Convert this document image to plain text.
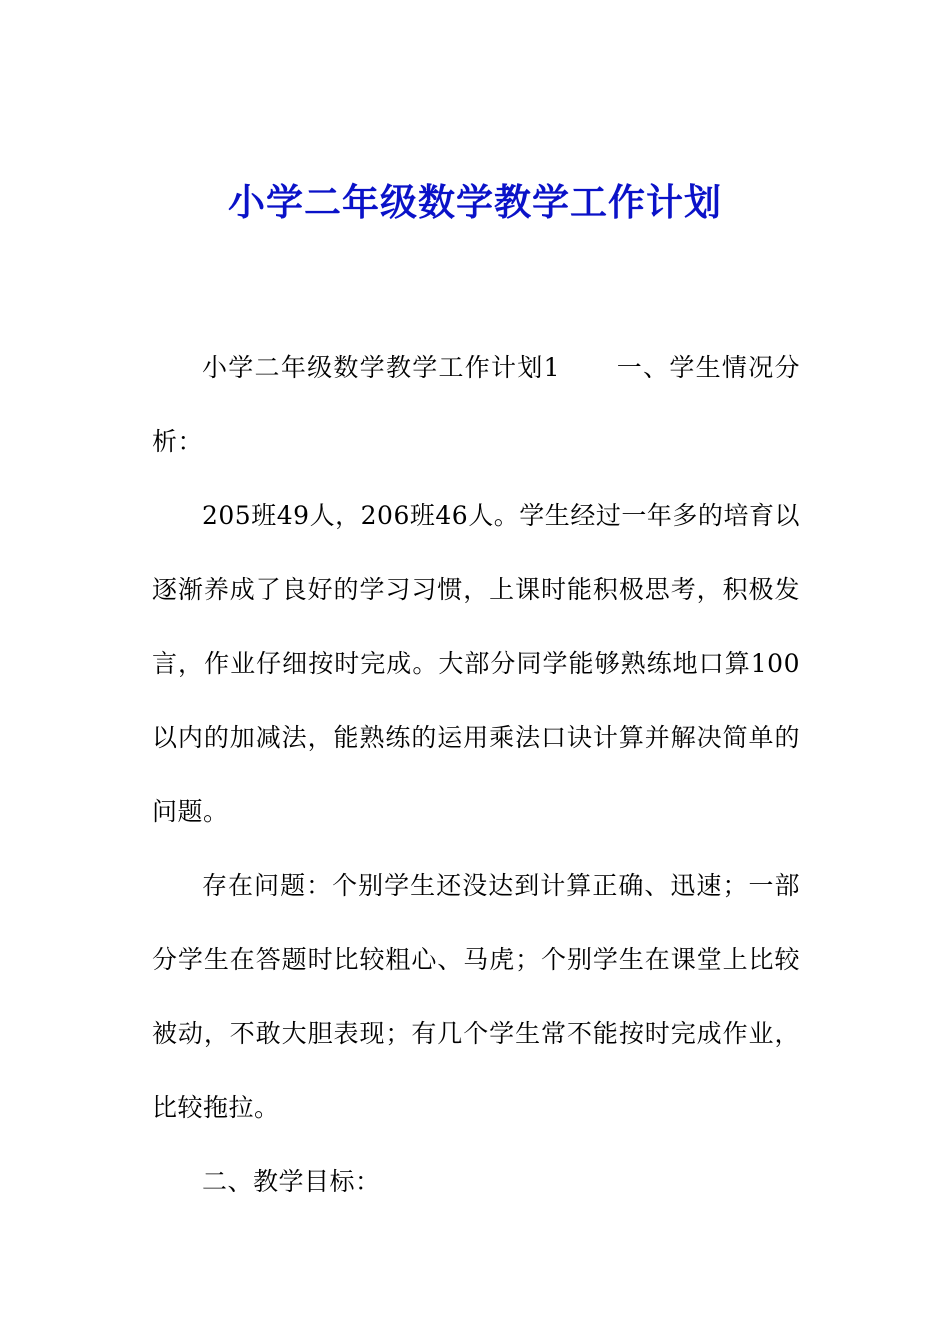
小学二年级数学教学工作计划

小学二年级数学教学工作计划1 一、学生情况分析：

205班49人，206班46人。学生经过一年多的培育以逐渐养成了良好的学习习惯，上课时能积极思考，积极发言，作业仔细按时完成。大部分同学能够熟练地口算100以内的加减法，能熟练的运用乘法口诀计算并解决简单的问题。

存在问题：个别学生还没达到计算正确、迅速；一部分学生在答题时比较粗心、马虎；个别学生在课堂上比较被动，不敢大胆表现；有几个学生常不能按时完成作业，比较拖拉。

二、教学目标：
